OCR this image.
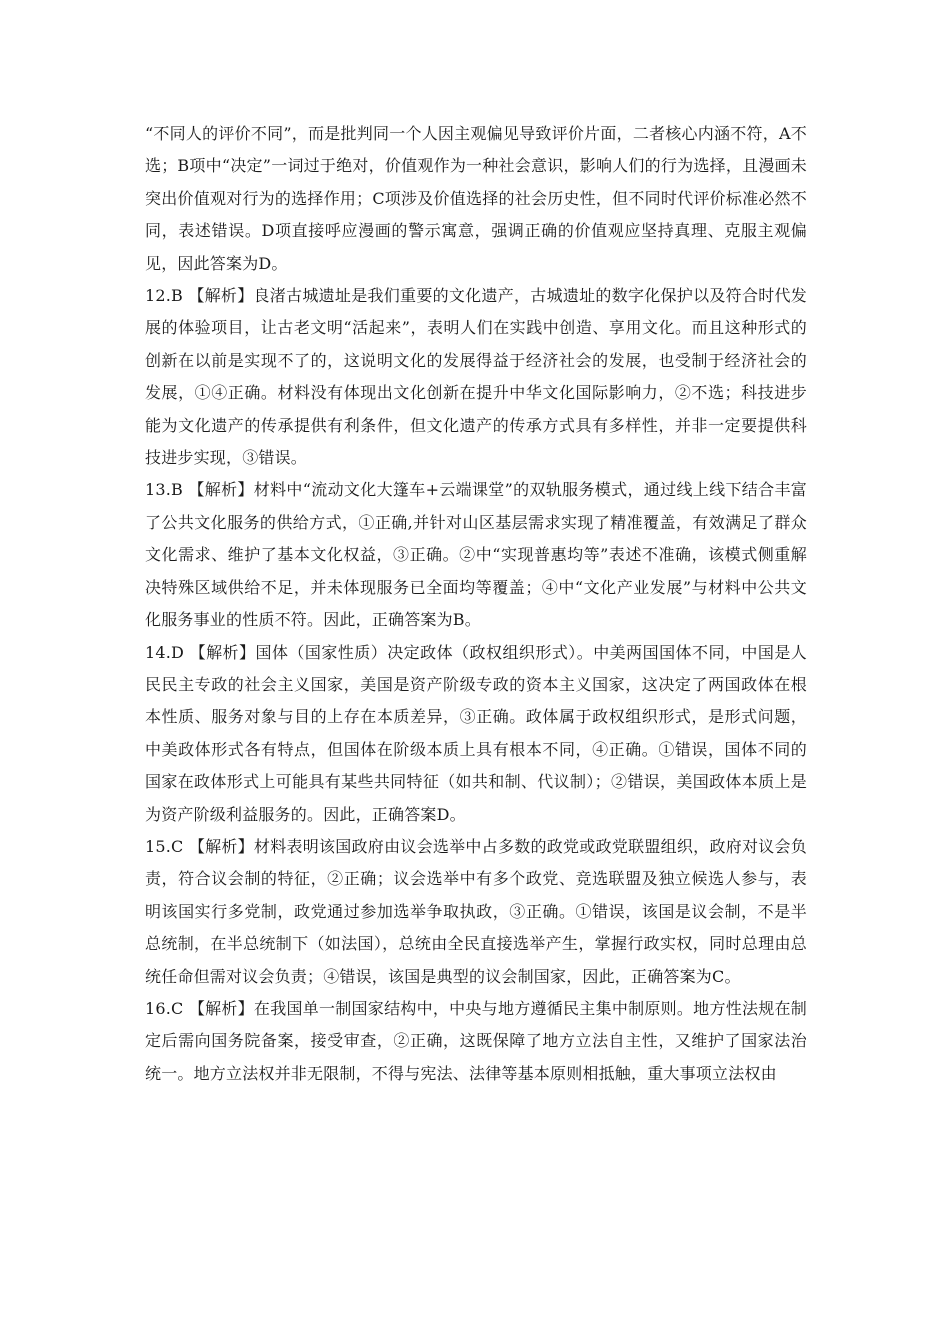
“不同人的评价不同”，而是批判同一个人因主观偏见导致评价片面，二者核心内涵不符，A不选；B项中“决定”一词过于绝对，价值观作为一种社会意识，影响人们的行为选择，且漫画未突出价值观对行为的选择作用；C项涉及价值选择的社会历史性，但不同时代评价标准必然不同，表述错误。D项直接呼应漫画的警示寓意，强调正确的价值观应坚持真理、克服主观偏见，因此答案为D。

12.B 【解析】良渚古城遗址是我们重要的文化遗产，古城遗址的数字化保护以及符合时代发展的体验项目，让古老文明“活起来”，表明人们在实践中创造、享用文化。而且这种形式的创新在以前是实现不了的，这说明文化的发展得益于经济社会的发展，也受制于经济社会的发展，①④正确。材料没有体现出文化创新在提升中华文化国际影响力，②不选；科技进步能为文化遗产的传承提供有利条件，但文化遗产的传承方式具有多样性，并非一定要提供科技进步实现，③错误。

13.B 【解析】材料中“流动文化大篷车+云端课堂”的双轨服务模式，通过线上线下结合丰富了公共文化服务的供给方式，①正确,并针对山区基层需求实现了精准覆盖，有效满足了群众文化需求、维护了基本文化权益，③正确。②中“实现普惠均等”表述不准确，该模式侧重解决特殊区域供给不足，并未体现服务已全面均等覆盖；④中“文化产业发展”与材料中公共文化服务事业的性质不符。因此，正确答案为B。

14.D 【解析】国体（国家性质）决定政体（政权组织形式）。中美两国国体不同，中国是人民民主专政的社会主义国家，美国是资产阶级专政的资本主义国家，这决定了两国政体在根本性质、服务对象与目的上存在本质差异，③正确。政体属于政权组织形式，是形式问题，中美政体形式各有特点，但国体在阶级本质上具有根本不同，④正确。①错误，国体不同的国家在政体形式上可能具有某些共同特征（如共和制、代议制）；②错误，美国政体本质上是为资产阶级利益服务的。因此，正确答案D。

15.C 【解析】材料表明该国政府由议会选举中占多数的政党或政党联盟组织，政府对议会负责，符合议会制的特征，②正确；议会选举中有多个政党、竞选联盟及独立候选人参与，表明该国实行多党制，政党通过参加选举争取执政，③正确。①错误，该国是议会制，不是半总统制，在半总统制下（如法国），总统由全民直接选举产生，掌握行政实权，同时总理由总统任命但需对议会负责；④错误，该国是典型的议会制国家，因此，正确答案为C。

16.C 【解析】在我国单一制国家结构中，中央与地方遵循民主集中制原则。地方性法规在制定后需向国务院备案，接受审查，②正确，这既保障了地方立法自主性，又维护了国家法治统一。地方立法权并非无限制，不得与宪法、法律等基本原则相抵触，重大事项立法权由
